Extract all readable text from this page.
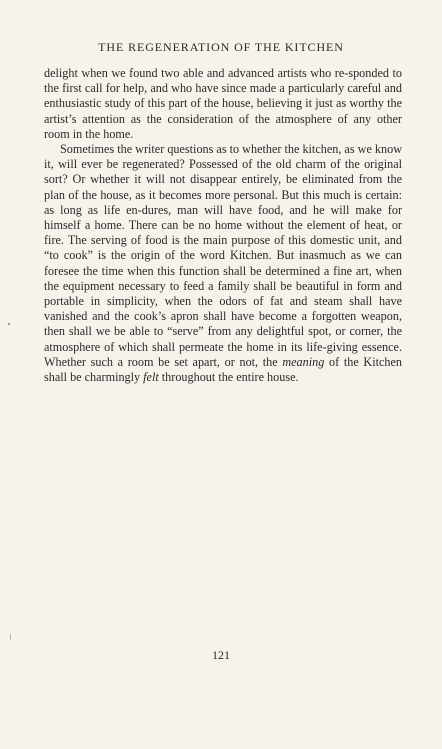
THE REGENERATION OF THE KITCHEN

delight when we found two able and advanced artists who re-sponded to the first call for help, and who have since made a particularly careful and enthusiastic study of this part of the house, believing it just as worthy the artist’s attention as the consideration of the atmosphere of any other room in the home.

Sometimes the writer questions as to whether the kitchen, as we know it, will ever be regenerated? Possessed of the old charm of the original sort? Or whether it will not disappear entirely, be eliminated from the plan of the house, as it becomes more personal. But this much is certain: as long as life en-dures, man will have food, and he will make for himself a home. There can be no home without the element of heat, or fire. The serving of food is the main purpose of this domestic unit, and “to cook” is the origin of the word Kitchen. But inasmuch as we can foresee the time when this function shall be determined a fine art, when the equipment necessary to feed a family shall be beautiful in form and portable in simplicity, when the odors of fat and steam shall have vanished and the cook’s apron shall have become a forgotten weapon, then shall we be able to “serve” from any delightful spot, or corner, the atmosphere of which shall permeate the home in its life-giving essence. Whether such a room be set apart, or not, the meaning of the Kitchen shall be charmingly felt throughout the entire house.

121
